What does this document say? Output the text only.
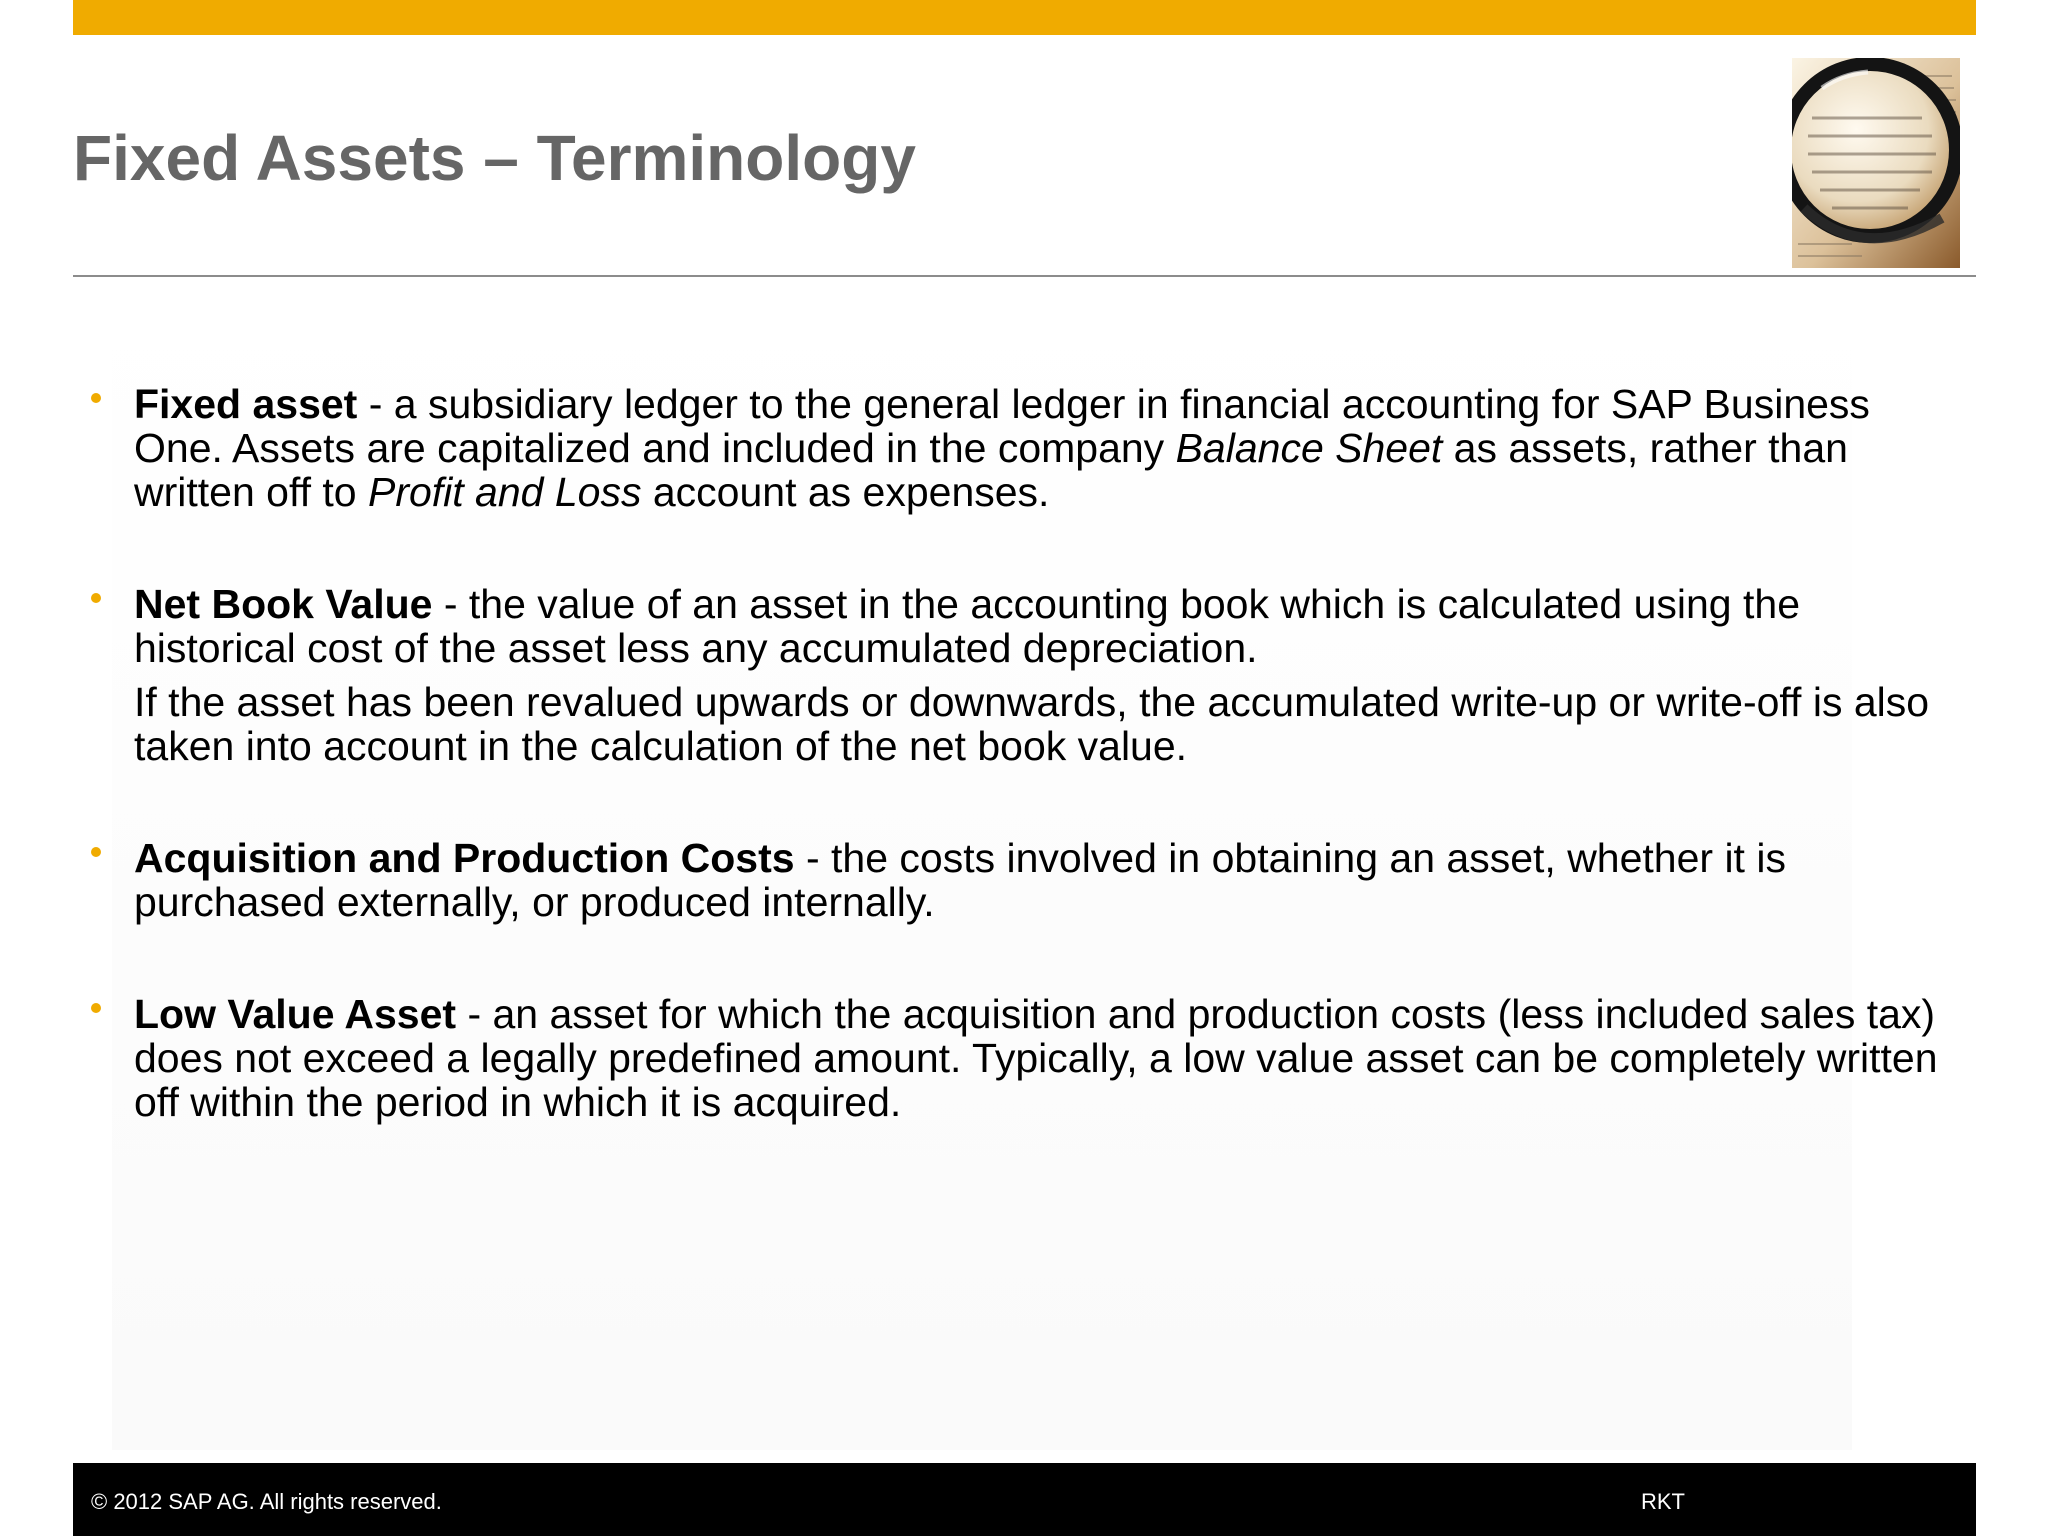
Fixed Assets – Terminology

Fixed asset - a subsidiary ledger to the general ledger in financial accounting for SAP Business One. Assets are capitalized and included in the company Balance Sheet as assets, rather than written off to Profit and Loss account as expenses.

Net Book Value - the value of an asset in the accounting book which is calculated using the historical cost of the asset less any accumulated depreciation.

If the asset has been revalued upwards or downwards, the accumulated write-up or write-off is also taken into account in the calculation of the net book value.

Acquisition and Production Costs - the costs involved in obtaining an asset, whether it is purchased externally, or produced internally.

Low Value Asset - an asset for which the acquisition and production costs (less included sales tax) does not exceed a legally predefined amount. Typically, a low value asset can be completely written off within the period in which it is acquired.

© 2012 SAP AG. All rights reserved.	RKT
